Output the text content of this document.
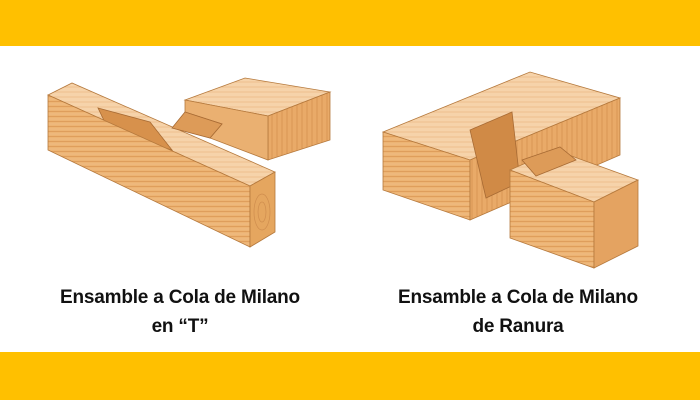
Ensamble a Cola de Milano
en “T”
Ensamble a Cola de Milano
de Ranura
